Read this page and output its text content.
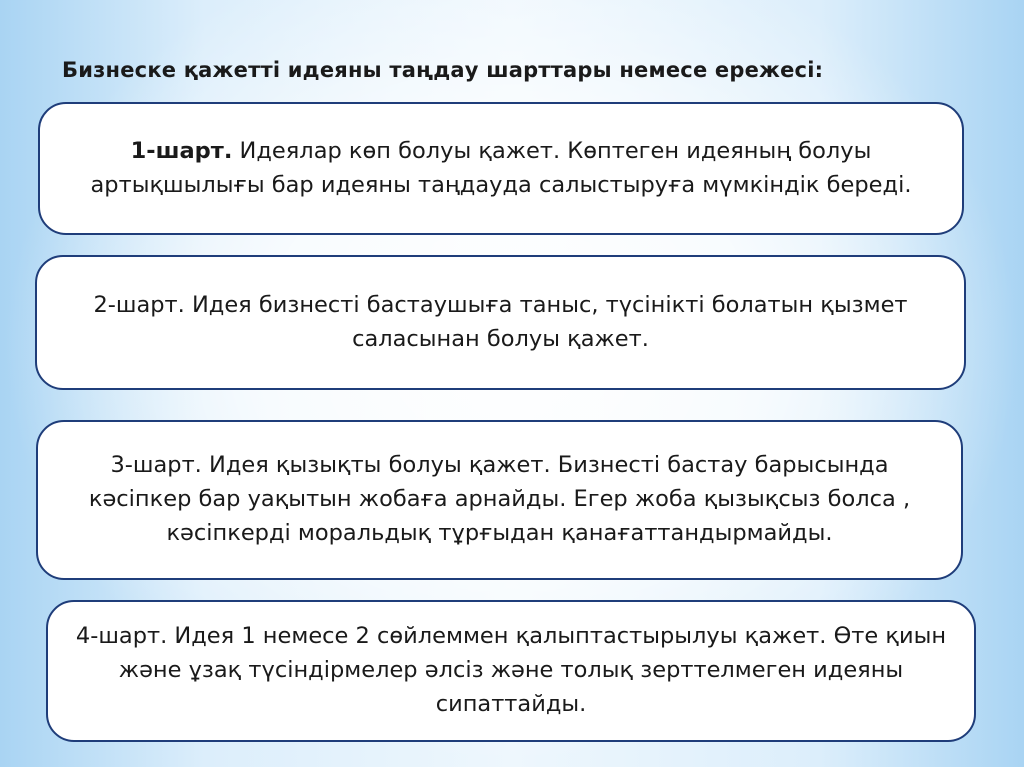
Бизнеске қажетті идеяны таңдау шарттары немесе ережесі:

1-шарт. Идеялар көп болуы қажет. Көптеген идеяның болуы артықшылығы бар идеяны таңдауда салыстыруға мүмкіндік береді.

2-шарт. Идея бизнесті бастаушыға таныс, түсінікті болатын қызмет саласынан болуы қажет.

3-шарт. Идея қызықты болуы қажет. Бизнесті бастау барысында кәсіпкер бар уақытын жобаға арнайды. Егер жоба қызықсыз болса , кәсіпкерді моральдық тұрғыдан қанағаттандырмайды.

4-шарт. Идея 1 немесе 2 сөйлеммен қалыптастырылуы қажет. Өте қиын және ұзақ түсіндірмелер әлсіз және толық зерттелмеген идеяны сипаттайды.
